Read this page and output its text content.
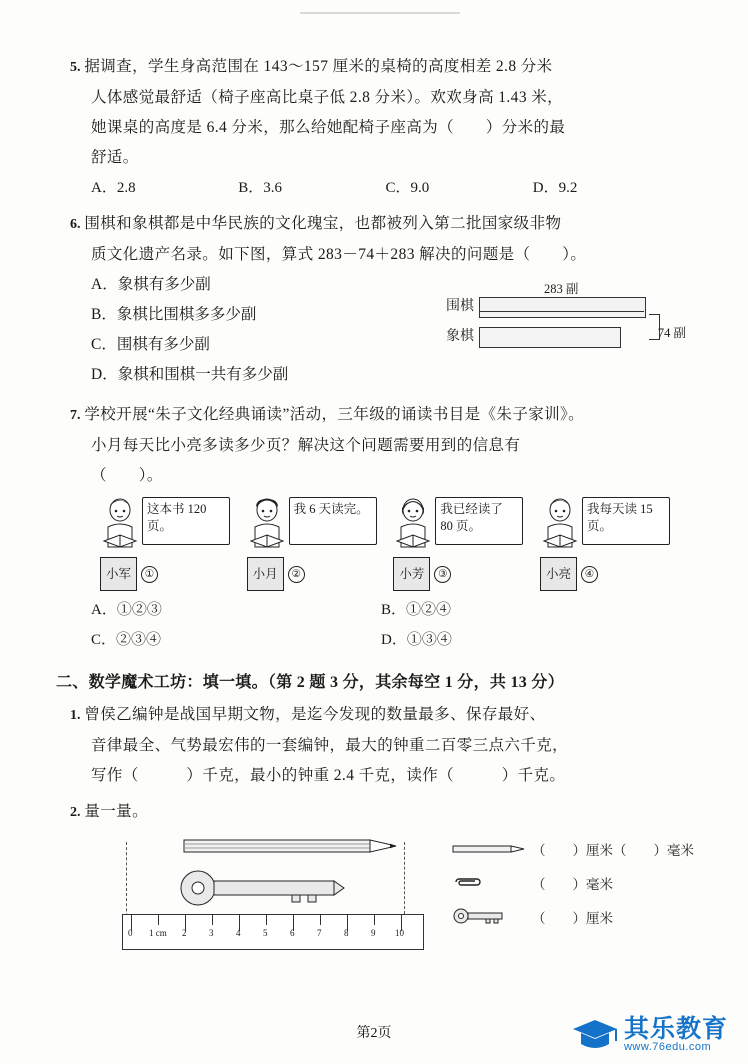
5. 据调查，学生身高范围在 143～157 厘米的桌椅的高度相差 2.8 分米
人体感觉最舒适（椅子座高比桌子低 2.8 分米）。欢欢身高 1.43 米，
她课桌的高度是 6.4 分米，那么给她配椅子座高为（　　）分米的最
舒适。
A．2.8	B．3.6	C．9.0	D．9.2
6. 围棋和象棋都是中华民族的文化瑰宝，也都被列入第二批国家级非物
质文化遗产名录。如下图，算式 283－74＋283 解决的问题是（　　）。
A．象棋有多少副
B．象棋比围棋多多少副
C．围棋有多少副
D．象棋和围棋一共有多少副
283 副
围棋
象棋	74 副
7. 学校开展“朱子文化经典诵读”活动，三年级的诵读书目是《朱子家训》。
小月每天比小亮多读多少页？解决这个问题需要用到的信息有
（　　）。
这本书 120 页。
小军	①
我 6 天读完。
小月	②
我已经读了 80 页。
小芳	③
我每天读 15 页。
小亮	④
A．①②③	B．①②④
C．②③④	D．①③④
二、数学魔术工坊：填一填。（第 2 题 3 分，其余每空 1 分，共 13 分）
1. 曾侯乙编钟是战国早期文物，是迄今发现的数量最多、保存最好、
音律最全、气势最宏伟的一套编钟，最大的钟重二百零三点六千克，
写作（　　　）千克，最小的钟重 2.4 千克，读作（　　　）千克。
2. 量一量。
0 1 cm 2	3	4	5	6	7	8	9 10
（　　）厘米（　　）毫米
（　　）毫米
（　　）厘米
第2页	其乐教育
www.76edu.com
